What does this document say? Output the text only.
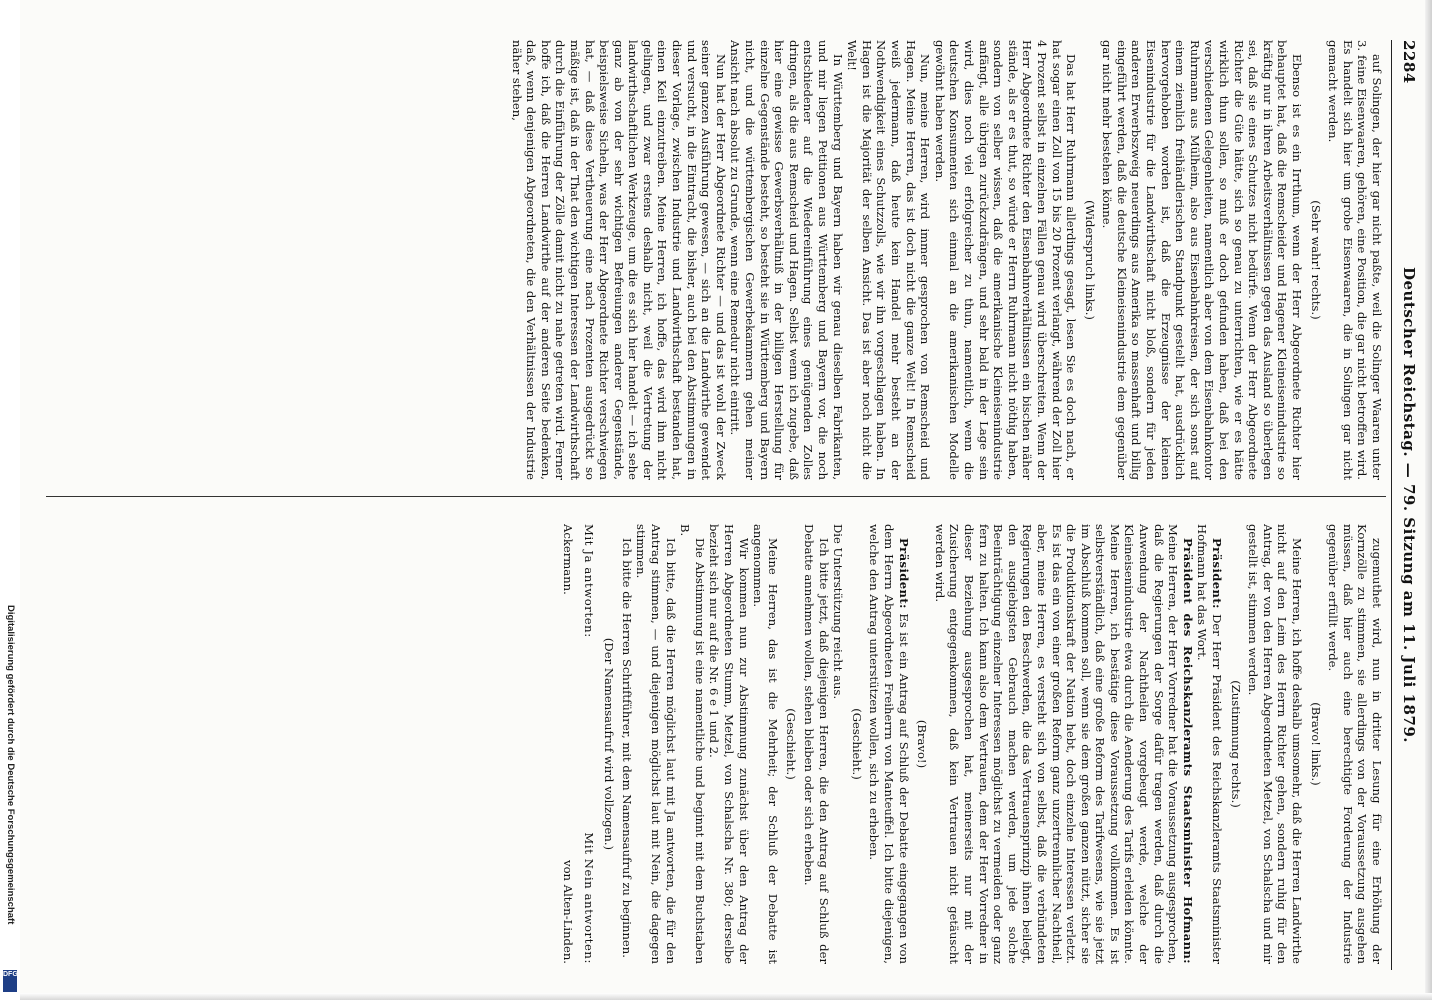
2284
Deutscher Reichstag. — 79. Sitzung am 11. Juli 1879.

auf Solingen, der hier gar nicht paßte, weil die Solinger Waaren unter 3. feine Eisenwaaren, gehören, eine Position, die gar nicht betroffen wird. Es handelt sich hier um grobe Eisenwaaren, die in Solingen gar nicht gemacht werden.

(Sehr wahr! rechts.)

Ebenso ist es ein Irrthum, wenn der Herr Abgeordnete Richter hier behauptet hat, daß die Remscheider und Hagener Kleineisenindustrie so kräftig nur in ihren Arbeitsverhältnissen gegen das Ausland so überlegen sei, daß sie eines Schutzes nicht bedürfe. Wenn der Herr Abgeordnete Richter die Güte hätte, sich so genau zu unterrichten, wie er es hätte wirklich thun sollen, so muß er doch gefunden haben, daß bei den verschiedenen Gelegenheiten, namentlich aber von dem Eisenbahnkontor Ruhrmann aus Mülheim, also aus Eisenbahnkreisen, der sich sonst auf einem ziemlich freihändlerischen Standpunkt gestellt hat, ausdrücklich hervorgehoben worden ist, daß die Erzeugnisse der kleinen Eisenindustrie für die Landwirthschaft nicht bloß, sondern für jeden anderen Erwerbszweig neuerdings aus Amerika so massenhaft und billig eingeführt werden, daß die deutsche Kleineisenindustrie dem gegenüber gar nicht mehr bestehen könne.

(Widerspruch links.)

Das hat Herr Ruhrmann allerdings gesagt, lesen Sie es doch nach, er hat sogar einen Zoll von 15 bis 20 Prozent verlangt, während der Zoll hier 4 Prozent selbst in einzelnen Fällen genau wird überschreiten. Wenn der Herr Abgeordnete Richter den Eisenbahnverhältnissen ein bischen näher stände, als er es thut, so würde er Herrn Ruhrmann nicht nöthig haben, sondern von selber wissen, daß die amerikanische Kleineisenindustrie anfängt, alle übrigen zurückzudrängen, und sehr bald in der Lage sein wird, dies noch viel erfolgreicher zu thun, namentlich, wenn die deutschen Konsumenten sich einmal an die amerikanischen Modelle gewöhnt haben werden.

Nun, meine Herren, wird immer gesprochen von Remscheid und Hagen. Meine Herren, das ist doch nicht die ganze Welt! In Remscheid weiß jedermann, daß heute kein Handel mehr besteht an der Nothwendigkeit eines Schutzzolls, wie wir ihn vorgeschlagen haben. In Hagen ist die Majorität der selben Ansicht. Das ist aber noch nicht die Welt!

In Württemberg und Bayern haben wir genau dieselben Fabrikanten, und mir liegen Petitionen aus Württemberg und Bayern vor, die noch entschiedener auf die Wiedereinführung eines genügenden Zolles dringen, als die aus Remscheid und Hagen. Selbst wenn ich zugebe, daß hier eine gewisse Gewerbsverhältniß in der billigen Herstellung für einzelne Gegenstände besteht, so besteht sie in Württemberg und Bayern nicht, und die württembergischen Gewerbekammern gehen meiner Ansicht nach absolut zu Grunde, wenn eine Remedur nicht eintritt.

Nun hat der Herr Abgeordnete Richter — und das ist wohl der Zweck seiner ganzen Ausführung gewesen, — sich an die Landwirthe gewendet und versucht, in die Eintracht, die bisher, auch bei den Abstimmungen in dieser Vorlage, zwischen Industrie und Landwirthschaft bestanden hat, einen Keil einzutreiben. Meine Herren, ich hoffe, das wird ihm nicht gelingen, und zwar erstens deshalb nicht, weil die Vertretung der landwirthschaftlichen Werkzeuge, um die es sich hier handelt — ich sehe ganz ab von der sehr wichtigen Befreiungen anderer Gegenstände, beispielsweise Sicheln, was der Herr Abgeordnete Richter verschwiegen hat, — daß diese Vertheuerung eine nach Prozenten ausgedrückt so mäßige ist, daß in der That den wichtigen Interessen der Landwirthschaft durch die Einführung der Zölle damit nicht zu nahe getreten wird. Ferner hoffe ich, daß die Herren Landwirthe auf der anderen Seite bedenken, daß, wenn denjenigen Abgeordneten, die den Verhältnissen der Industrie näher stehen,

zugemuthet wird, nun in dritter Lesung für eine Erhöhung der Kornzölle zu stimmen, sie allerdings von der Voraussetzung ausgehen müssen, daß hier auch eine berechtigte Forderung der Industrie gegenüber erfüllt werde.

(Bravo! links.)

Meine Herren, ich hoffe deshalb umsomehr, daß die Herren Landwirthe nicht auf den Leim des Herrn Richter gehen, sondern ruhig für den Antrag, der von den Herren Abgeordneten Metzel, von Schalscha und mir gestellt ist, stimmen werden.

(Zustimmung rechts.)

Präsident: Der Herr Präsident des Reichskanzleramts Staatsminister Hofmann hat das Wort.

Präsident des Reichskanzleramts Staatsminister Hofmann: Meine Herren, der Herr Vorredner hat die Voraussetzung ausgesprochen, daß die Regierungen der Sorge dafür tragen werden, daß durch die Anwendung der Nachtheilen vorgebeugt werde, welche der Kleineisenindustrie etwa durch die Aenderung des Tarifs erleiden könnte. Meine Herren, ich bestätige diese Voraussetzung vollkommen. Es ist selbstverständlich, daß eine große Reform des Tarifwesens, wie sie jetzt im Abschluß kommen soll, wenn sie dem großen ganzen nützt, sicher sie die Produktionskraft der Nation hebt, doch einzelne Interessen verletzt. Es ist das ein von einer großen Reform ganz unzertrennlicher Nachtheil, aber, meine Herren, es versteht sich von selbst, daß die verbündeten Regierungen den Beschwerden, die das Vertrauensprinzip ihnen beilegt, den ausgiebigsten Gebrauch machen werden, um jede solche Beeinträchtigung einzelner Interessen möglichst zu vermeiden oder ganz fern zu halten. Ich kann also dem Vertrauen, dem der Herr Vorredner in dieser Beziehung ausgesprochen hat, meinerseits nur mit der Zusicherung entgegenkommen, daß kein Vertrauen nicht getäuscht werden wird.

(Bravo!)

Präsident: Es ist ein Antrag auf Schluß der Debatte eingegangen von dem Herrn Abgeordneten Freiherrn von Manteuffel. Ich bitte diejenigen, welche den Antrag unterstützen wollen, sich zu erheben.

(Geschieht.)

Die Unterstützung reicht aus.

Ich bitte jetzt, daß diejenigen Herren, die den Antrag auf Schluß der Debatte annehmen wollen, stehen bleiben oder sich erheben.

(Geschieht.)

Meine Herren, das ist die Mehrheit; der Schluß der Debatte ist angenommen.

Wir kommen nun zur Abstimmung zunächst über den Antrag der Herren Abgeordneten Stumm, Metzel, von Schalscha Nr. 380; derselbe bezieht sich nur auf die Nr. 6 e 1 und 2.

Die Abstimmung ist eine namentliche und beginnt mit dem Buchstaben B.

Ich bitte, daß die Herren möglichst laut mit Ja antworten, die für den Antrag stimmen, — und diejenigen möglichst laut mit Nein, die dagegen stimmen.

Ich bitte die Herren Schriftführer, mit dem Namensaufruf zu beginnen.

(Der Namensaufruf wird vollzogen.)

Mit Ja antworten:
Mit Nein antworten:
Ackermann.
von Alten-Linden.
Digitalisierung gefördert durch die Deutsche Forschungsgemeinschaft
DFG
